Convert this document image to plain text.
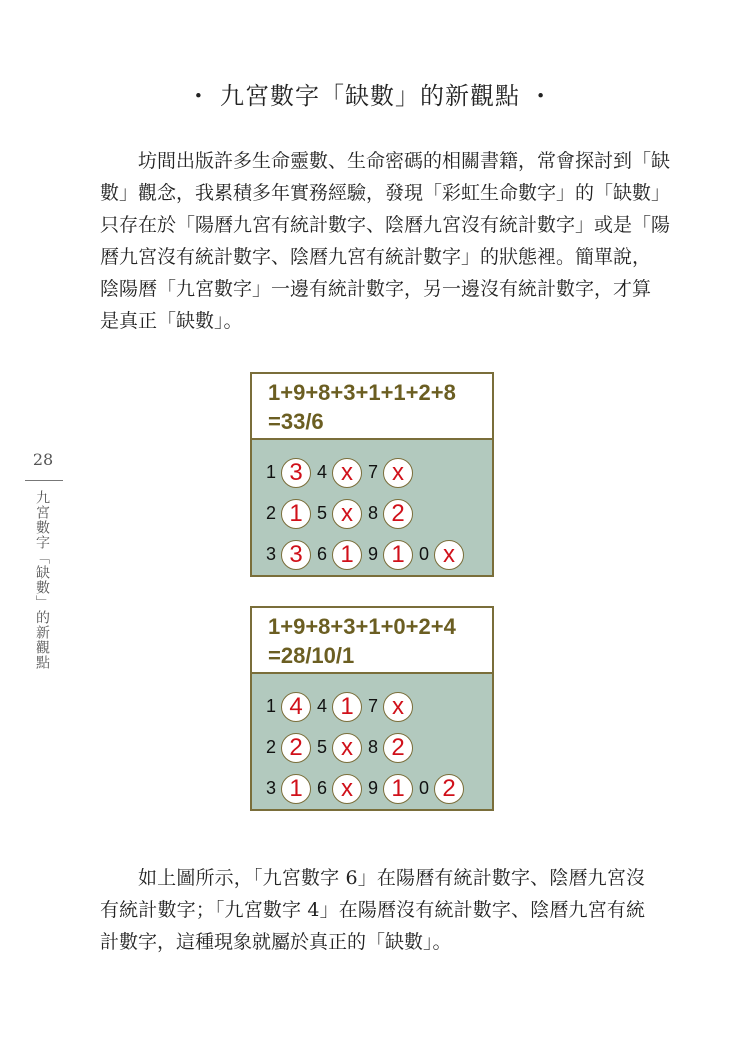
・ 九宮數字「缺數」的新觀點 ・
坊間出版許多生命靈數、生命密碼的相關書籍，常會探討到「缺
數」觀念，我累積多年實務經驗，發現「彩虹生命數字」的「缺數」
只存在於「陽曆九宮有統計數字、陰曆九宮沒有統計數字」或是「陽
曆九宮沒有統計數字、陰曆九宮有統計數字」的狀態裡。簡單說，
陰陽曆「九宮數字」一邊有統計數字，另一邊沒有統計數字，才算
是真正「缺數」。
1+9+8+3+1+1+2+8
=33/6
1 3 4 x 7 x
2 1 5 x 8 2
3 3 6 1 9 1 0 x
1+9+8+3+1+0+2+4
=28/10/1
1 4 4 1 7 x
2 2 5 x 8 2
3 1 6 x 9 1 0 2
如上圖所示，「九宮數字 6」在陽曆有統計數字、陰曆九宮沒
有統計數字；「九宮數字 4」在陽曆沒有統計數字、陰曆九宮有統
計數字，這種現象就屬於真正的「缺數」。
28
九宮數字「缺數」的新觀點
